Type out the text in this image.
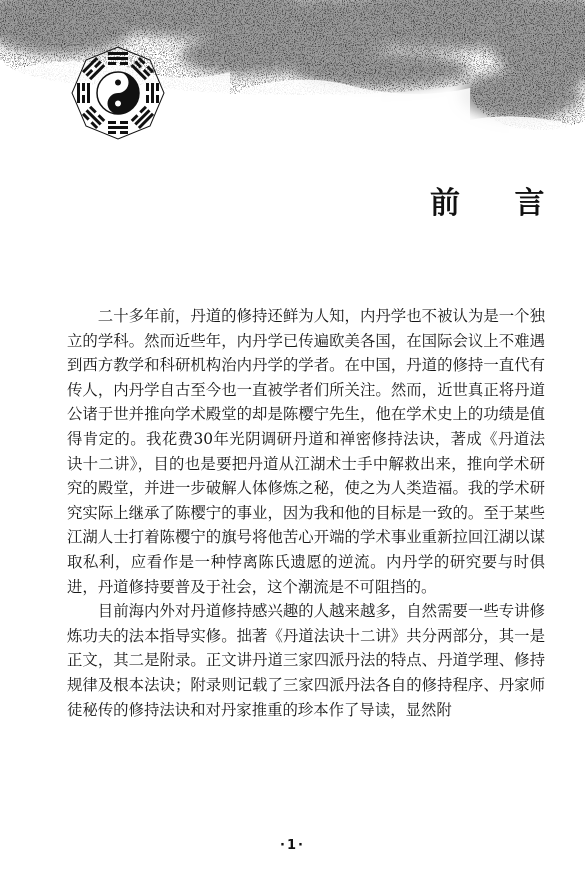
前 言

二十多年前，丹道的修持还鲜为人知，内丹学也不被认为是一个独立的学科。然而近些年，内丹学已传遍欧美各国，在国际会议上不难遇到西方教学和科研机构治内丹学的学者。在中国，丹道的修持一直代有传人，内丹学自古至今也一直被学者们所关注。然而，近世真正将丹道公诸于世并推向学术殿堂的却是陈樱宁先生，他在学术史上的功绩是值得肯定的。我花费30年光阴调研丹道和禅密修持法诀，著成《丹道法诀十二讲》，目的也是要把丹道从江湖术士手中解救出来，推向学术研究的殿堂，并进一步破解人体修炼之秘，使之为人类造福。我的学术研究实际上继承了陈樱宁的事业，因为我和他的目标是一致的。至于某些江湖人士打着陈樱宁的旗号将他苦心开端的学术事业重新拉回江湖以谋取私利，应看作是一种悖离陈氏遗愿的逆流。内丹学的研究要与时俱进，丹道修持要普及于社会，这个潮流是不可阻挡的。

目前海内外对丹道修持感兴趣的人越来越多，自然需要一些专讲修炼功夫的法本指导实修。拙著《丹道法诀十二讲》共分两部分，其一是正文，其二是附录。正文讲丹道三家四派丹法的特点、丹道学理、修持规律及根本法诀；附录则记载了三家四派丹法各自的修持程序、丹家师徒秘传的修持法诀和对丹家推重的珍本作了导读，显然附

·1·
